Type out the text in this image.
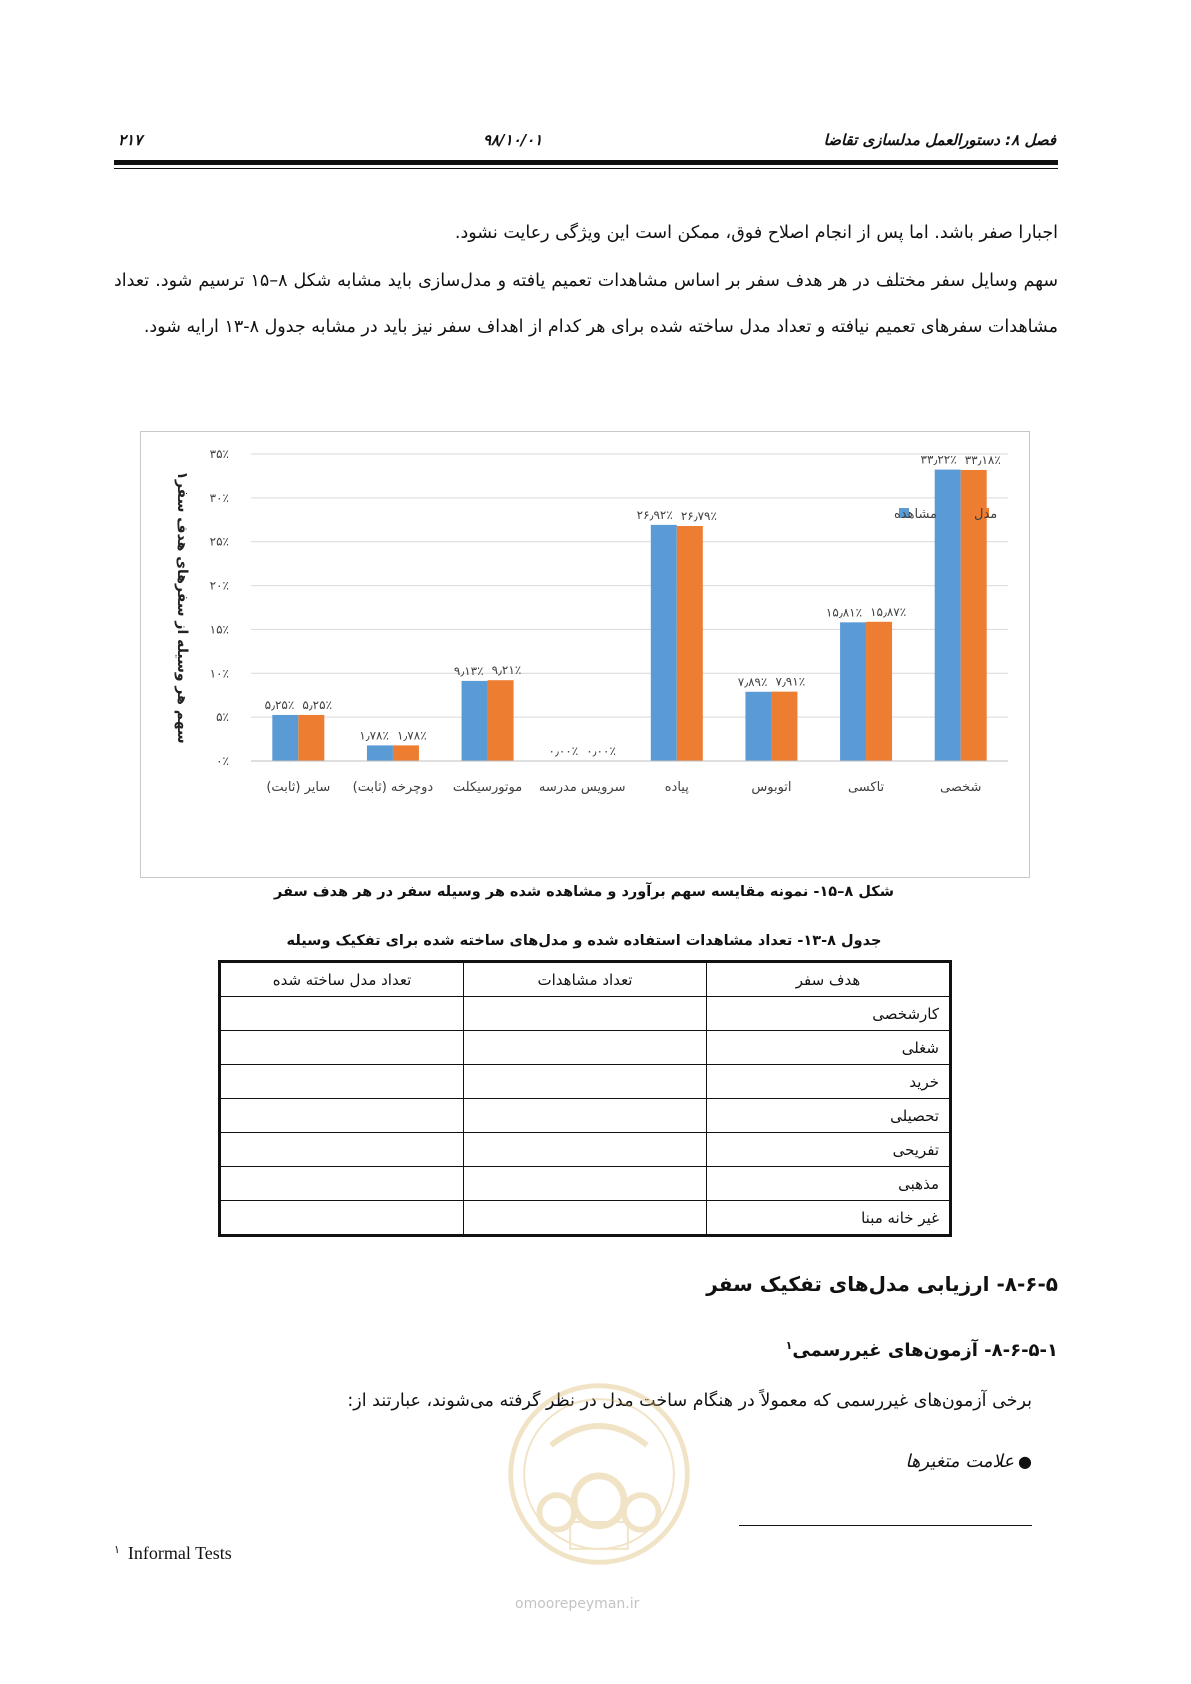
فصل ۸: دستورالعمل مدلسازی تقاضا
۹۸/۱۰/۰۱
۲۱۷
اجبارا صفر باشد. اما پس از انجام اصلاح فوق، ممکن است این ویژگی رعایت نشود.
سهم وسایل سفر مختلف در هر هدف سفر بر اساس مشاهدات تعمیم یافته و مدل‌سازی باید مشابه شکل ۸–۱۵ ترسیم شود. تعداد مشاهدات سفرهای تعمیم نیافته و تعداد مدل ساخته شده برای هر کدام از اهداف سفر نیز باید در مشابه جدول ۸-۱۳ ارایه شود.
۰٪
۵٪
۱۰٪
۱۵٪
۲۰٪
۲۵٪
۳۰٪
۳۵٪
سهم هر وسیله از سفرهای هدف سفر۱
۳۳٫۲۲٪ ۳۳٫۱۸٪
شخصی
۱۵٫۸۱٪ ۱۵٫۸۷٪
تاکسی
۷٫۸۹٪ ۷٫۹۱٪
اتوبوس
۲۶٫۹۲٪ ۲۶٫۷۹٪
پیاده
۰٫۰۰٪ ۰٫۰۰٪
سرویس مدرسه
۹٫۱۳٪ ۹٫۲۱٪
موتورسیکلت
۱٫۷۸٪ ۱٫۷۸٪
دوچرخه (ثابت)
۵٫۲۵٪ ۵٫۲۵٪
سایر (ثابت)
مدل
مشاهده
شکل ۸–۱۵- نمونه مقایسه سهم برآورد و مشاهده شده هر وسیله سفر در هر هدف سفر
جدول ۸-۱۳- تعداد مشاهدات استفاده شده و مدل‌های ساخته شده برای تفکیک وسیله
هدف سفر	تعداد مشاهدات	تعداد مدل ساخته شده
کارشخصی		
شغلی		
خرید		
تحصیلی		
تفریحی		
مذهبی		
غیر خانه مبنا		
۸-۶-۵- ارزیابی مدل‌های تفکیک سفر
۸-۶-۵-۱- آزمون‌های غیررسمی$^۱$
برخی آزمون‌های غیررسمی که معمولاً در هنگام ساخت مدل در نظر گرفته می‌شوند، عبارتند از:
●علامت متغیرها
omoorepeyman.ir
$^۱$ Informal Tests
